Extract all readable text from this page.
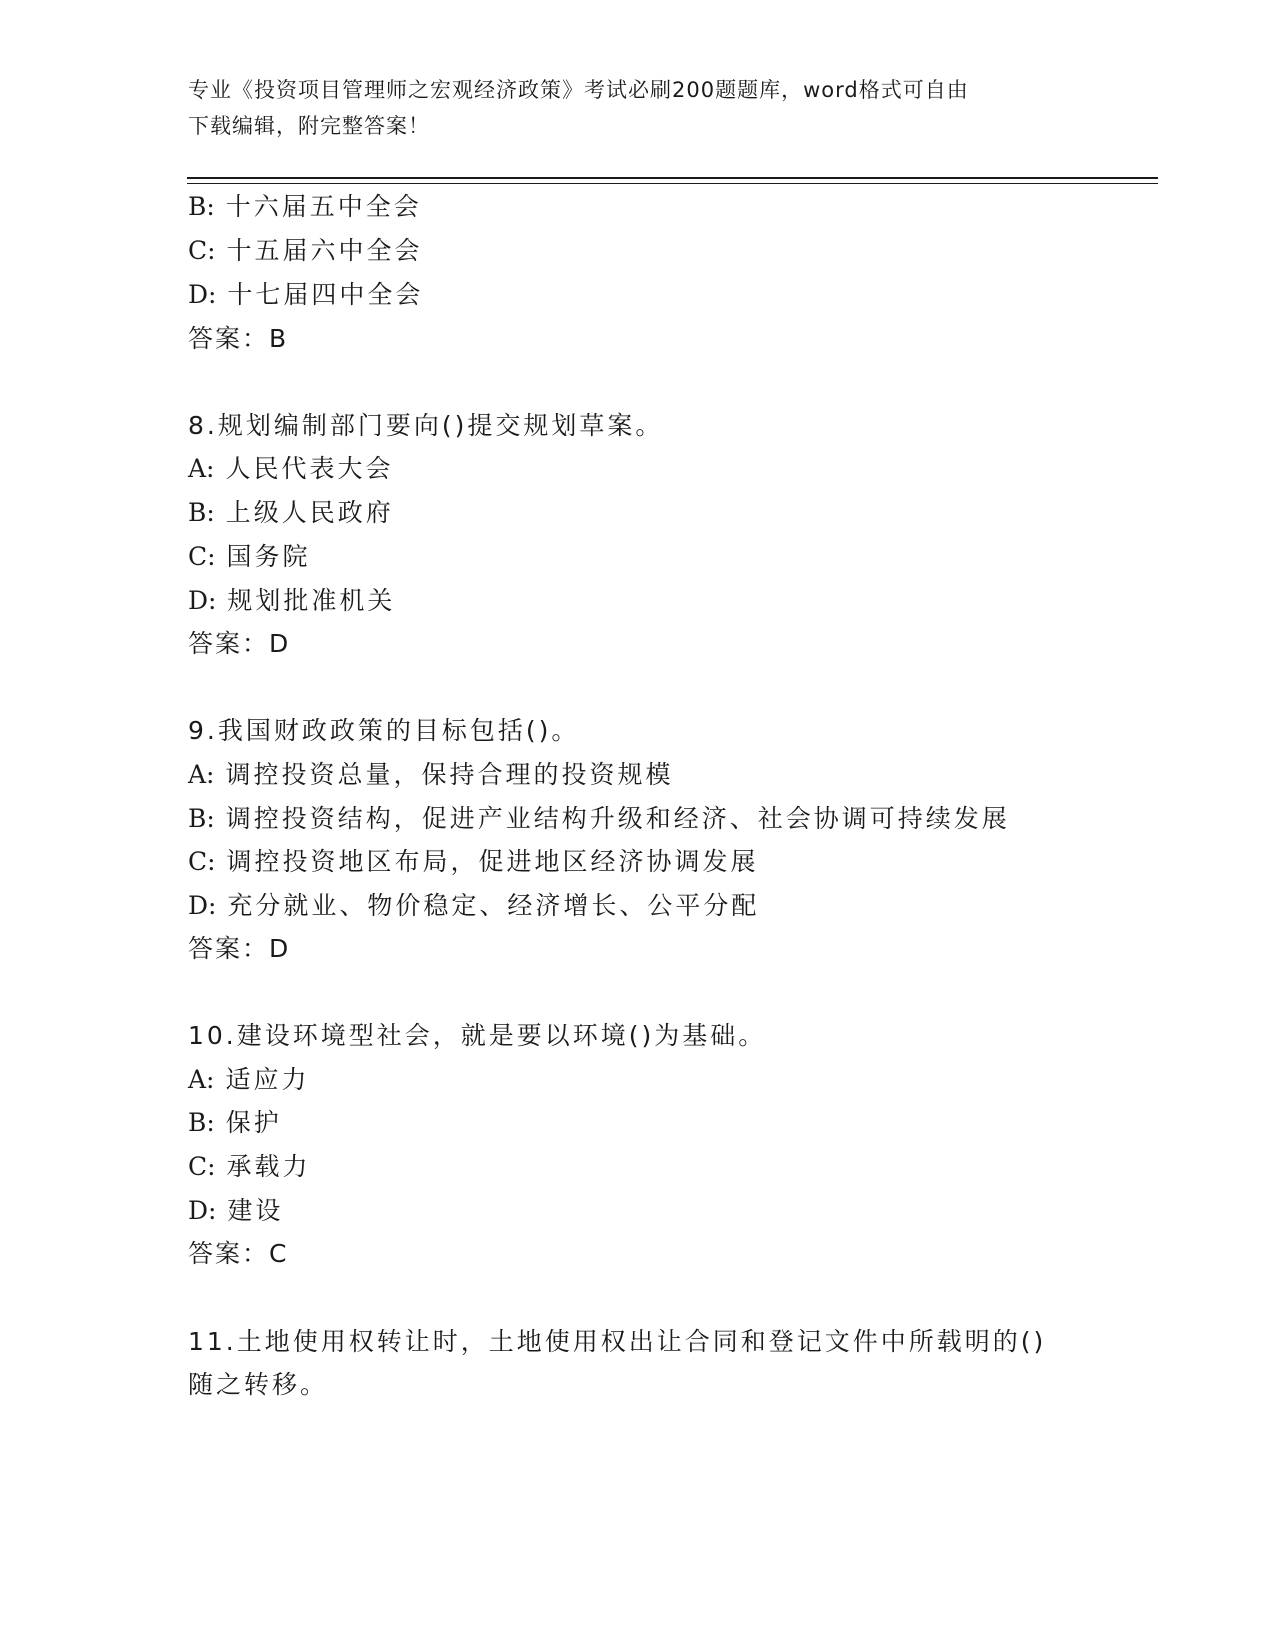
专业《投资项目管理师之宏观经济政策》考试必刷200题题库，word格式可自由
下载编辑，附完整答案！
B: 十六届五中全会
C: 十五届六中全会
D: 十七届四中全会
答案：B
8.规划编制部门要向()提交规划草案。
A: 人民代表大会
B: 上级人民政府
C: 国务院
D: 规划批准机关
答案：D
9.我国财政政策的目标包括()。
A: 调控投资总量，保持合理的投资规模
B: 调控投资结构，促进产业结构升级和经济、社会协调可持续发展
C: 调控投资地区布局，促进地区经济协调发展
D: 充分就业、物价稳定、经济增长、公平分配
答案：D
10.建设环境型社会，就是要以环境()为基础。
A: 适应力
B: 保护
C: 承载力
D: 建设
答案：C
11.土地使用权转让时，土地使用权出让合同和登记文件中所载明的()
随之转移。
